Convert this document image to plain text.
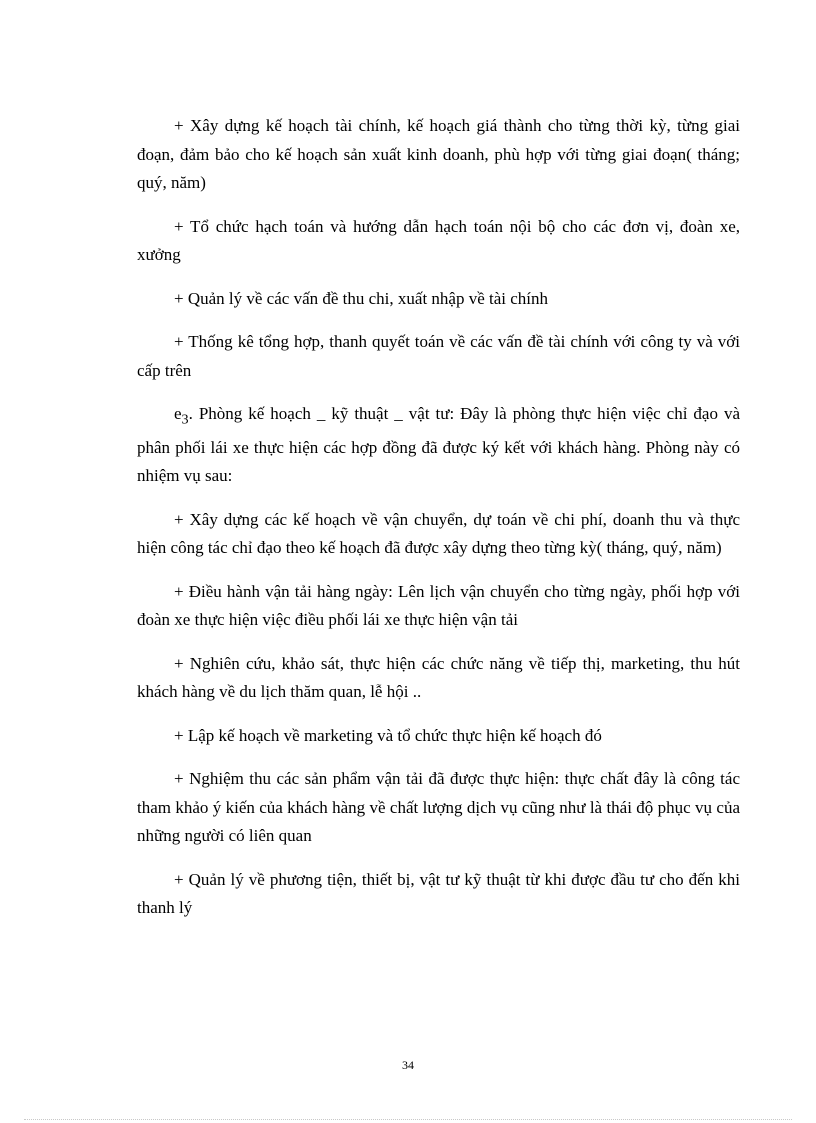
+ Xây dựng kế hoạch tài chính, kế hoạch giá thành cho từng thời kỳ, từng giai đoạn, đảm bảo cho kế hoạch sản xuất kinh doanh, phù hợp với từng giai đoạn( tháng; quý, năm)

+ Tổ chức hạch toán và hướng dẫn hạch toán nội bộ cho các đơn vị, đoàn xe, xưởng

+ Quản lý về các vấn đề thu chi, xuất nhập về tài chính

+ Thống kê tổng hợp, thanh quyết toán về các vấn đề tài chính với công ty và với cấp trên

$e_3$. Phòng kế hoạch _ kỹ thuật _ vật tư: Đây là phòng thực hiện việc chỉ đạo và phân phối lái xe thực hiện các hợp đồng đã được ký kết với khách hàng. Phòng này có nhiệm vụ sau:

+ Xây dựng các kế hoạch về vận chuyển, dự toán về chi phí, doanh thu và thực hiện công tác chỉ đạo theo kế hoạch đã được xây dựng theo từng kỳ( tháng, quý, năm)

+ Điều hành vận tải hàng ngày: Lên lịch vận chuyển cho từng ngày, phối hợp với đoàn xe thực hiện việc điều phối lái xe thực hiện vận tải

+ Nghiên cứu, khảo sát, thực hiện các chức năng về tiếp thị, marketing, thu hút khách hàng về du lịch thăm quan, lễ hội ..

+ Lập kế hoạch về marketing và tổ chức thực hiện kế hoạch đó

+ Nghiệm thu các sản phẩm vận tải đã được thực hiện: thực chất đây là công tác tham khảo ý kiến của khách hàng về chất lượng dịch vụ cũng như là thái độ phục vụ của những người có liên quan

+ Quản lý về phương tiện, thiết bị, vật tư kỹ thuật từ khi được đầu tư cho đến khi thanh lý

34
